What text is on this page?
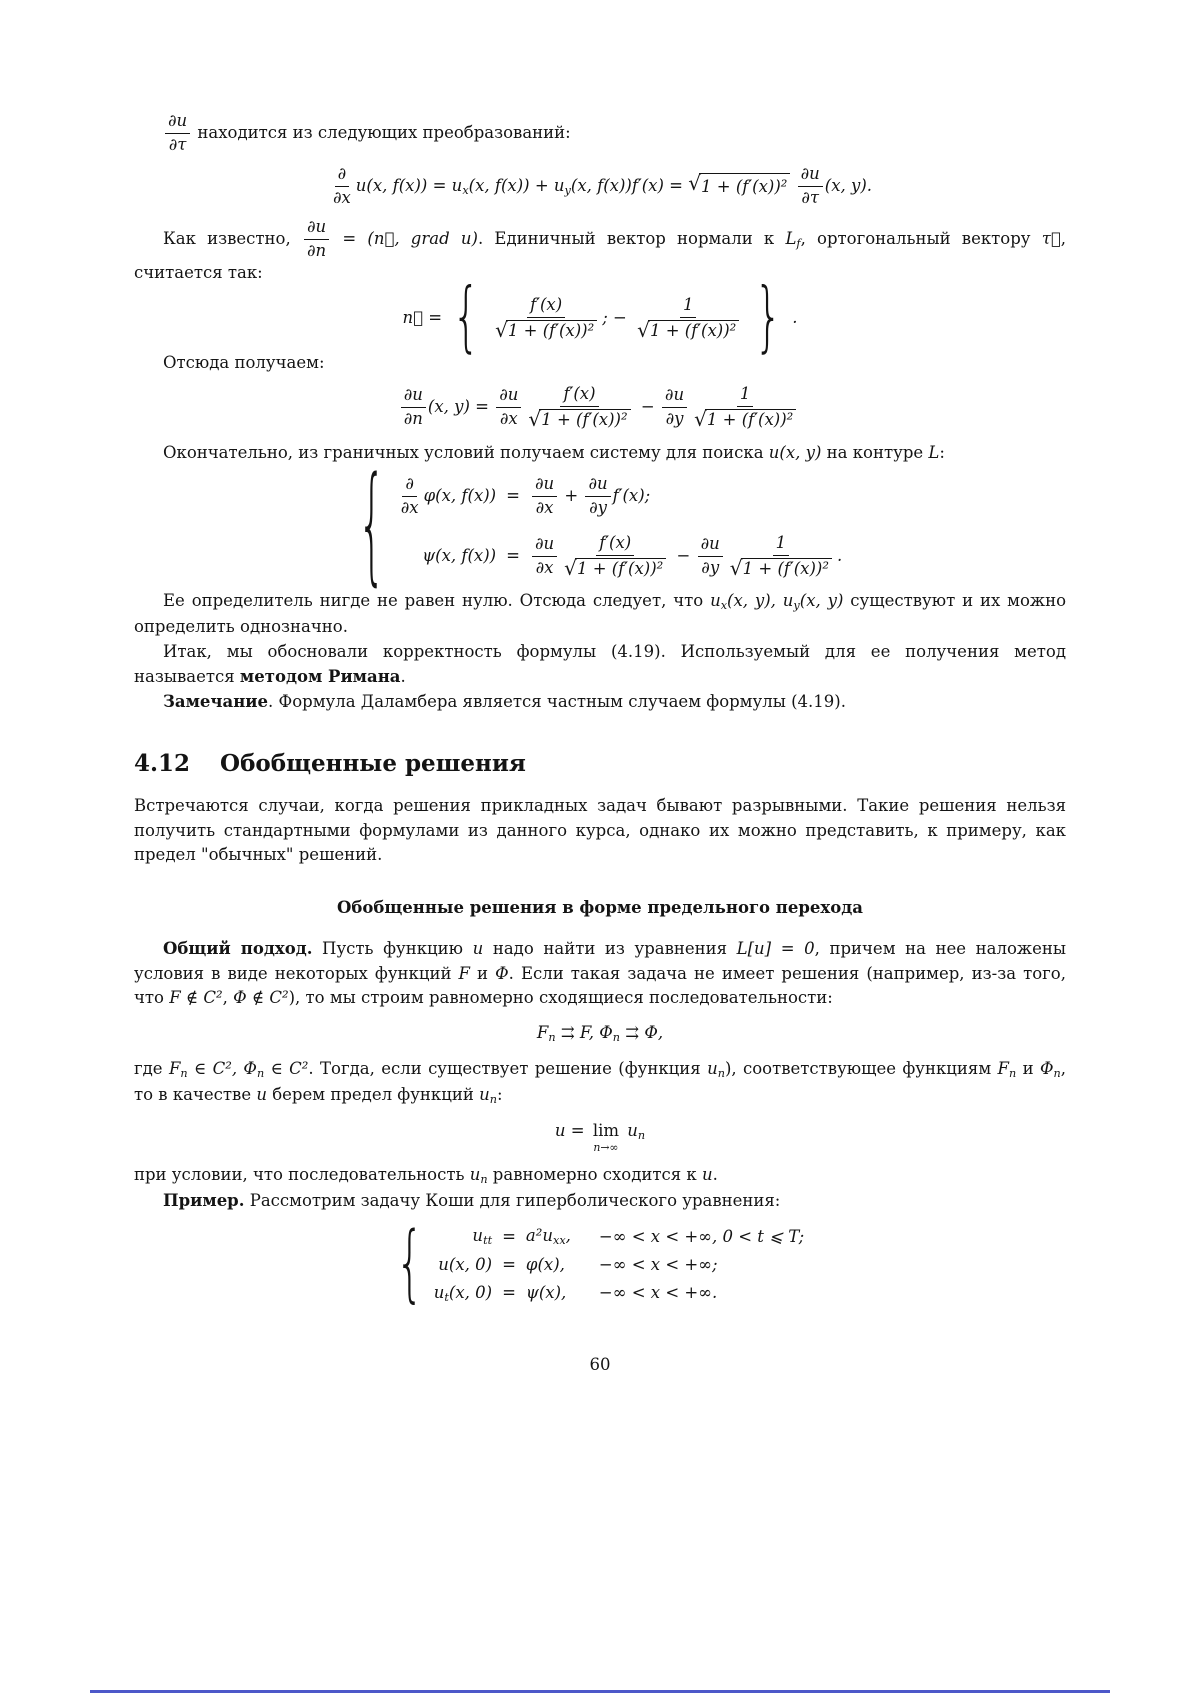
$\frac{\partial u}{\partial\tau}$ находится из следующих преобразований:

$\frac{\partial}{\partial x} u(x$, $f(x)) = u_x(x$, $f(x)) + u_y(x$, f(x))f′(x) = √ 1 + (f′(x))²
$\frac{\partial u}{\partial\tau} (x$, y).

Как известно, $\frac{\partial u}{\partial n}$ = (n⃗, grad u). Единичный вектор нормали к $L_f$, ортогональный вектору τ⃗, считается так:

n⃗ = { $\frac{f'(x)}{\text{√ 1 + (f′(x))²}}$ ; − $\frac{1}{\text{√ 1 + (f′(x))²}}$ } .

Отсюда получаем:

$\frac{\partial u}{\partial n} (x$, $y) = \frac{\partial u}{\partial x} \frac{f'(x)}{\text{√ 1 + (f′(x))²}} - \frac{\partial u}{\partial y} \frac{1}{\text{√ 1 + (f′(x))²}}$

Окончательно, из граничных условий получаем систему для поиска u(x, y) на контуре L:

{ $\frac{\partial}{\partial x} \varphi(x$, $f(x)) = \frac{\partial u}{\partial x} + \frac{\partial u}{\partial y} f'(x)$;
ψ(x, $f(x)) = \frac{\partial u}{\partial x} \frac{f'(x)}{\text{√ 1 + (f′(x))²}} - \frac{\partial u}{\partial y} \frac{1}{\text{√ 1 + (f′(x))²}}$ .

Ее определитель нигде не равен нулю. Отсюда следует, что $u_x(x$, y), $u_y(x$, y) существуют и их можно определить однозначно.

Итак, мы обосновали корректность формулы (4.19). Используемый для ее получения метод называется методом Римана.

Замечание. Формула Даламбера является частным случаем формулы (4.19).

4.12 Обобщенные решения

Встречаются случаи, когда решения прикладных задач бывают разрывными. Такие решения нельзя получить стандартными формулами из данного курса, однако их можно представить, к примеру, как предел "обычных" решений.

Обобщенные решения в форме предельного перехода

Общий подход. Пусть функцию u надо найти из уравнения L[u] = 0, причем на нее наложены условия в виде некоторых функций F и Φ. Если такая задача не имеет решения (например, из-за того, что F ∉ C², Φ ∉ C²), то мы строим равномерно сходящиеся последовательности:

$F_n$ ⇉ F, $\Phi_n$ ⇉ Φ,

где $F_n$ ∈ C², $\Phi_n$ ∈ C². Тогда, если существует решение (функция $u_n$), соответствующее функциям $F_n$ и $\Phi_n$, то в качестве u берем предел функций $u_n$:

u = lim
n→∞
$u_n$

при условии, что последовательность $u_n$ равномерно сходится к u.

Пример. Рассмотрим задачу Коши для гиперболического уравнения:

{	$u_{tt} = a^2u_{xx}$,	−∞ < x < +∞, 0 < t ⩽ T;
u(x, 0) = φ(x),	−∞ < x < +∞;
$u_t(x$, 0) = ψ(x),	−∞ < x < +∞.
60
